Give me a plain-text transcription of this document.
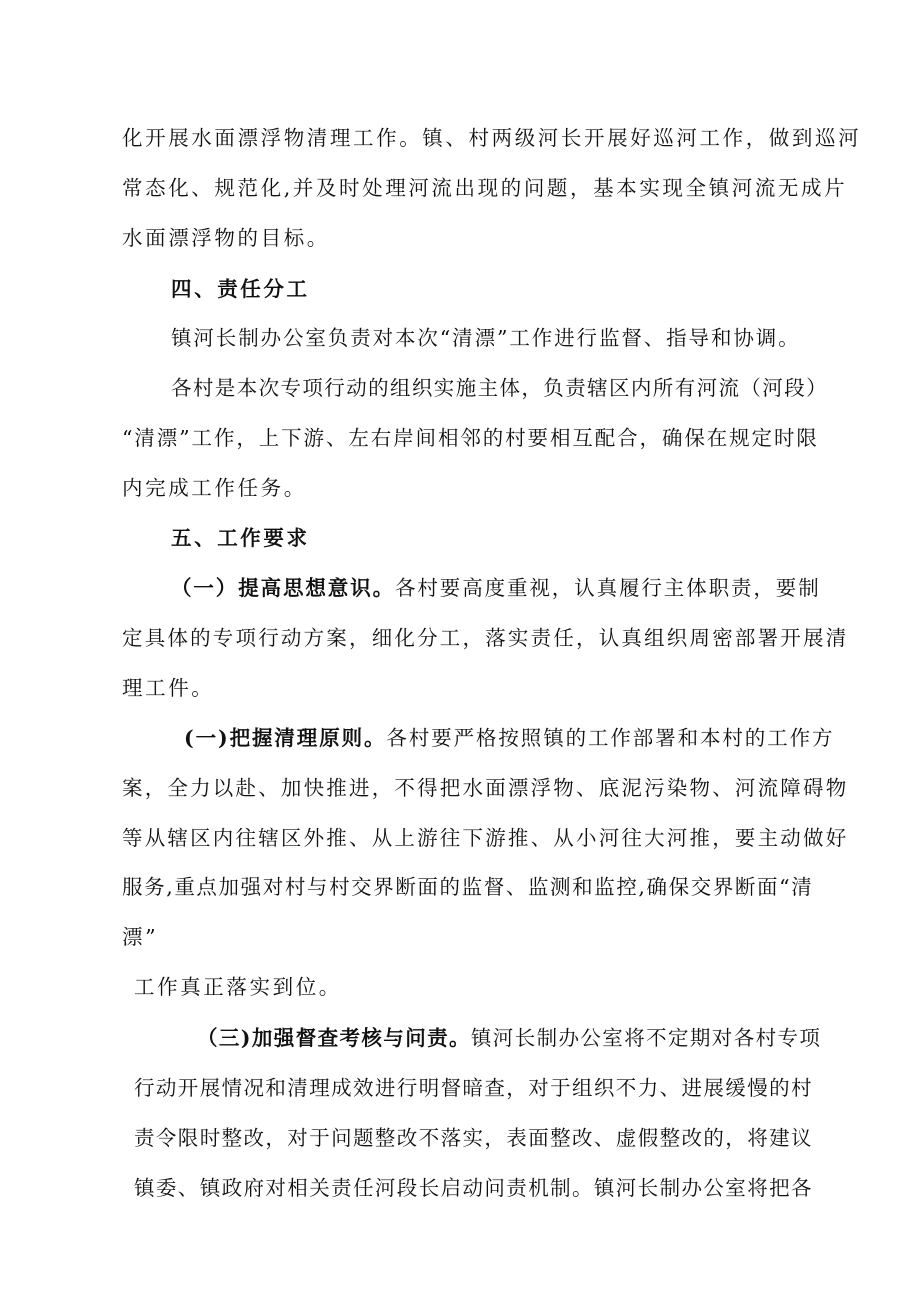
化开展水面漂浮物清理工作。镇、村两级河长开展好巡河工作，做到巡河
常态化、规范化,并及时处理河流出现的问题，基本实现全镇河流无成片
水面漂浮物的目标。
四、责任分工
镇河长制办公室负责对本次“清漂”工作进行监督、指导和协调。
各村是本次专项行动的组织实施主体，负责辖区内所有河流（河段）
“清漂”工作，上下游、左右岸间相邻的村要相互配合，确保在规定时限
内完成工作任务。
五、工作要求
（一）提高思想意识。各村要高度重视，认真履行主体职责，要制
定具体的专项行动方案，细化分工，落实责任，认真组织周密部署开展清
理工件。
(一)把握清理原则。各村要严格按照镇的工作部署和本村的工作方
案，全力以赴、加快推进，不得把水面漂浮物、底泥污染物、河流障碍物
等从辖区内往辖区外推、从上游往下游推、从小河往大河推，要主动做好
服务,重点加强对村与村交界断面的监督、监测和监控,确保交界断面“清
漂”
工作真正落实到位。
（三)加强督查考核与问责。镇河长制办公室将不定期对各村专项
行动开展情况和清理成效进行明督暗查，对于组织不力、进展缓慢的村
责令限时整改，对于问题整改不落实，表面整改、虚假整改的，将建议
镇委、镇政府对相关责任河段长启动问责机制。镇河长制办公室将把各
